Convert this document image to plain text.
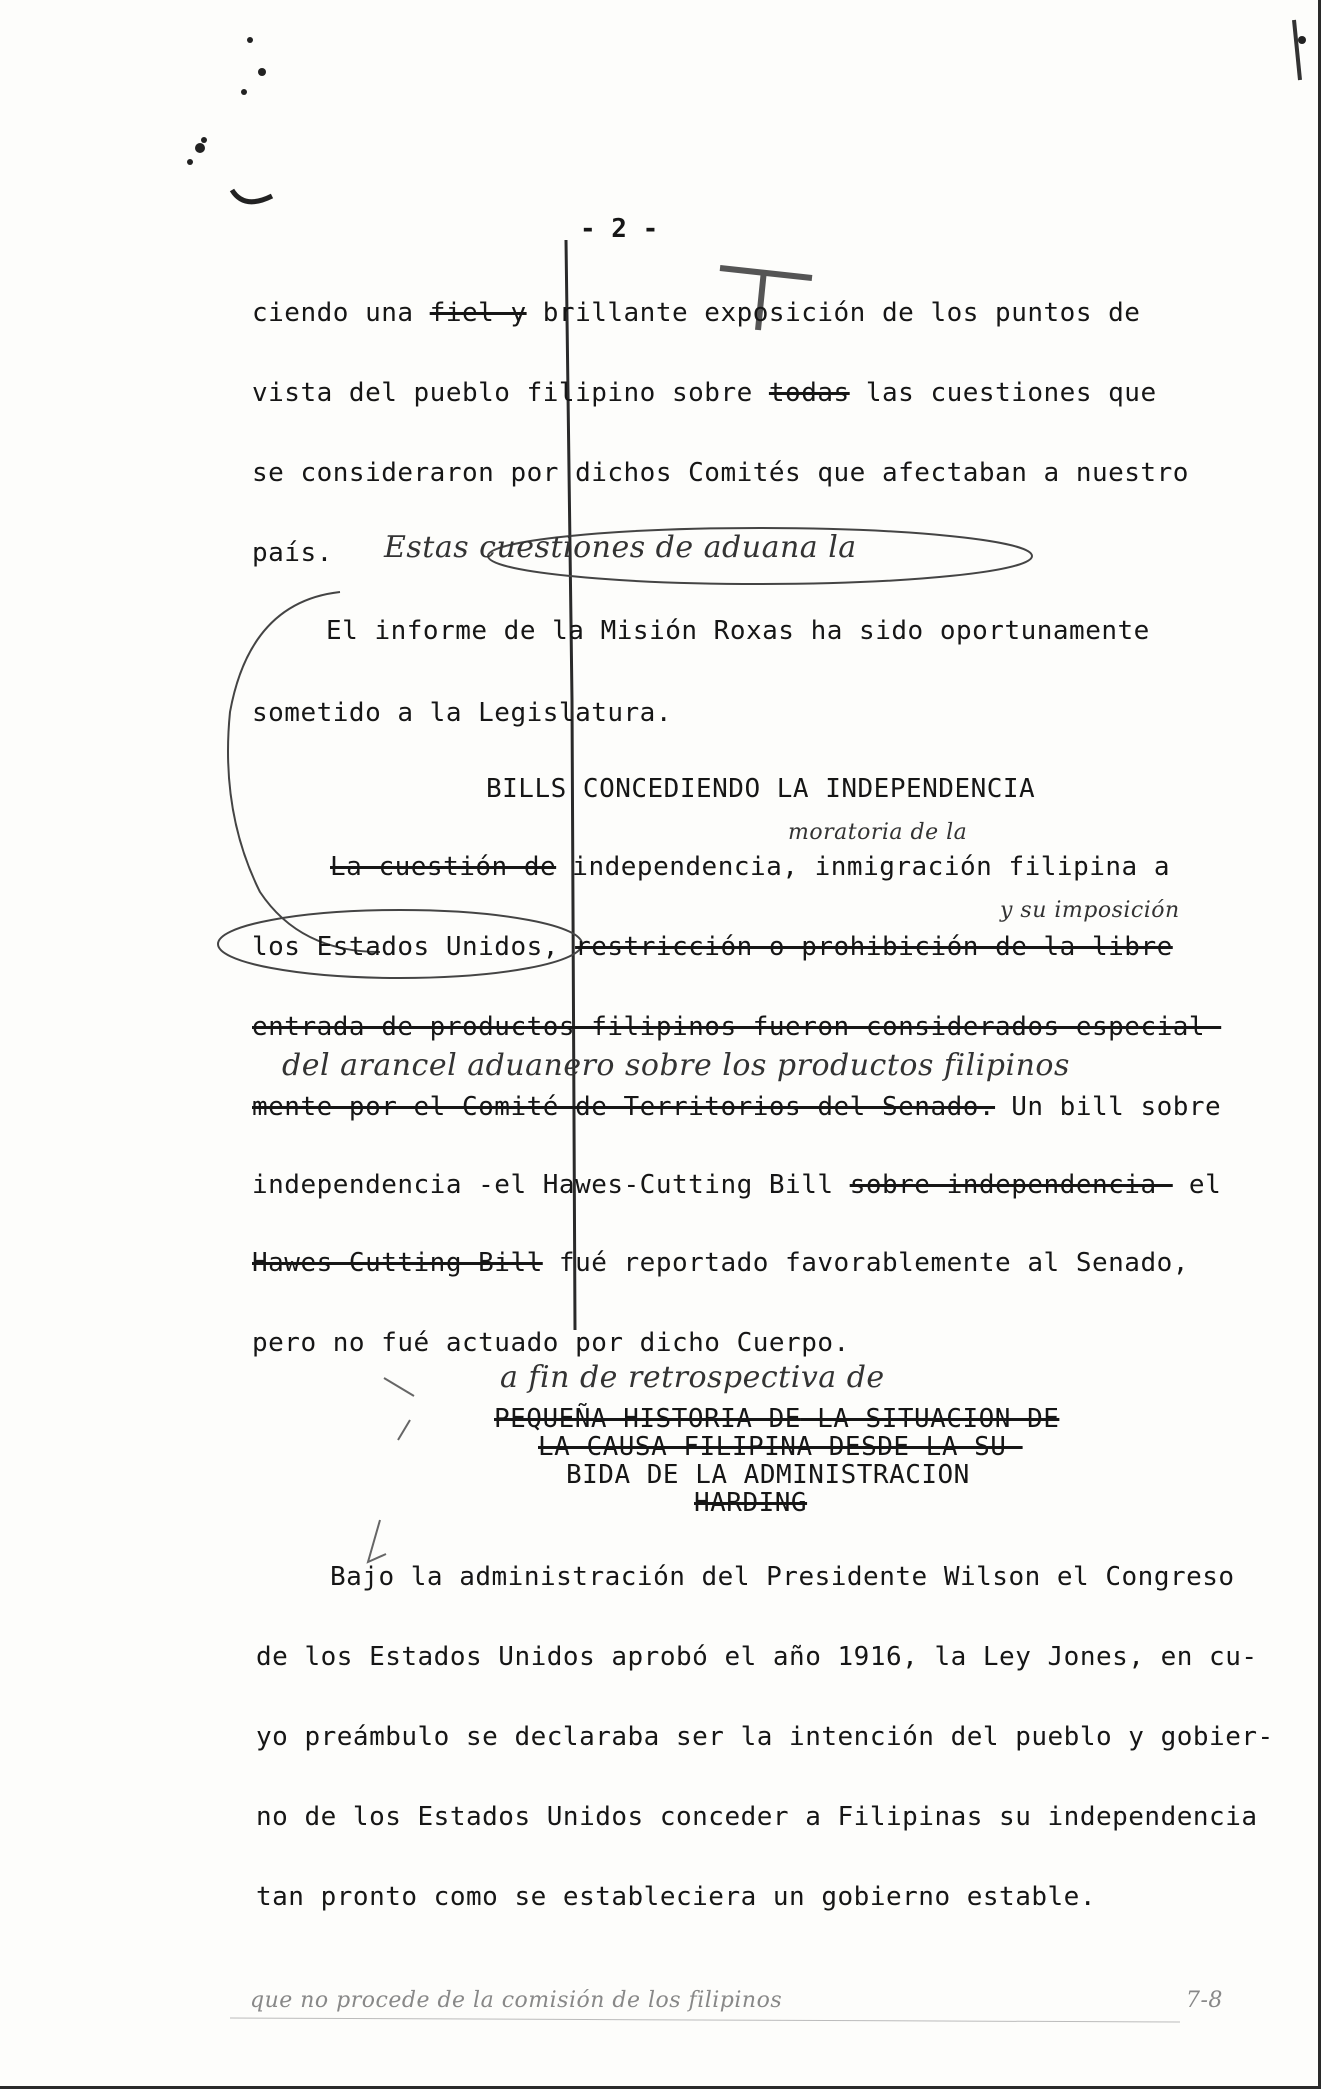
- 2 -
ciendo una fiel y brillante exposición de los puntos de
vista del pueblo filipino sobre todas las cuestiones que
se consideraron por dichos Comités que afectaban a nuestro
país. Estas cuestiones de aduana la
El informe de la Misión Roxas ha sido oportunamente
sometido a la Legislatura.
BILLS CONCEDIENDO LA INDEPENDENCIA
moratoria de la
La cuestión de independencia, inmigración filipina a
y su imposición
los Estados Unidos, restricción o prohibición de la libre
entrada de productos filipinos fueron considerados especial-
del arancel aduanero sobre los productos filipinos
mente por el Comité de Territorios del Senado. Un bill sobre
independencia -el Hawes-Cutting Bill sobre independencia- el
Hawes-Cutting Bill fué reportado favorablemente al Senado,
pero no fué actuado por dicho Cuerpo.
a fin de retrospectiva de
PEQUEÑA HISTORIA DE LA SITUACION DE
LA CAUSA FILIPINA DESDE LA SU-
BIDA DE LA ADMINISTRACION
HARDING
Bajo la administración del Presidente Wilson el Congreso
de los Estados Unidos aprobó el año 1916, la Ley Jones, en cu-
yo preámbulo se declaraba ser la intención del pueblo y gobier-
no de los Estados Unidos conceder a Filipinas su independencia
tan pronto como se estableciera un gobierno estable.
que no procede de la comisión de los filipinos	7-8
